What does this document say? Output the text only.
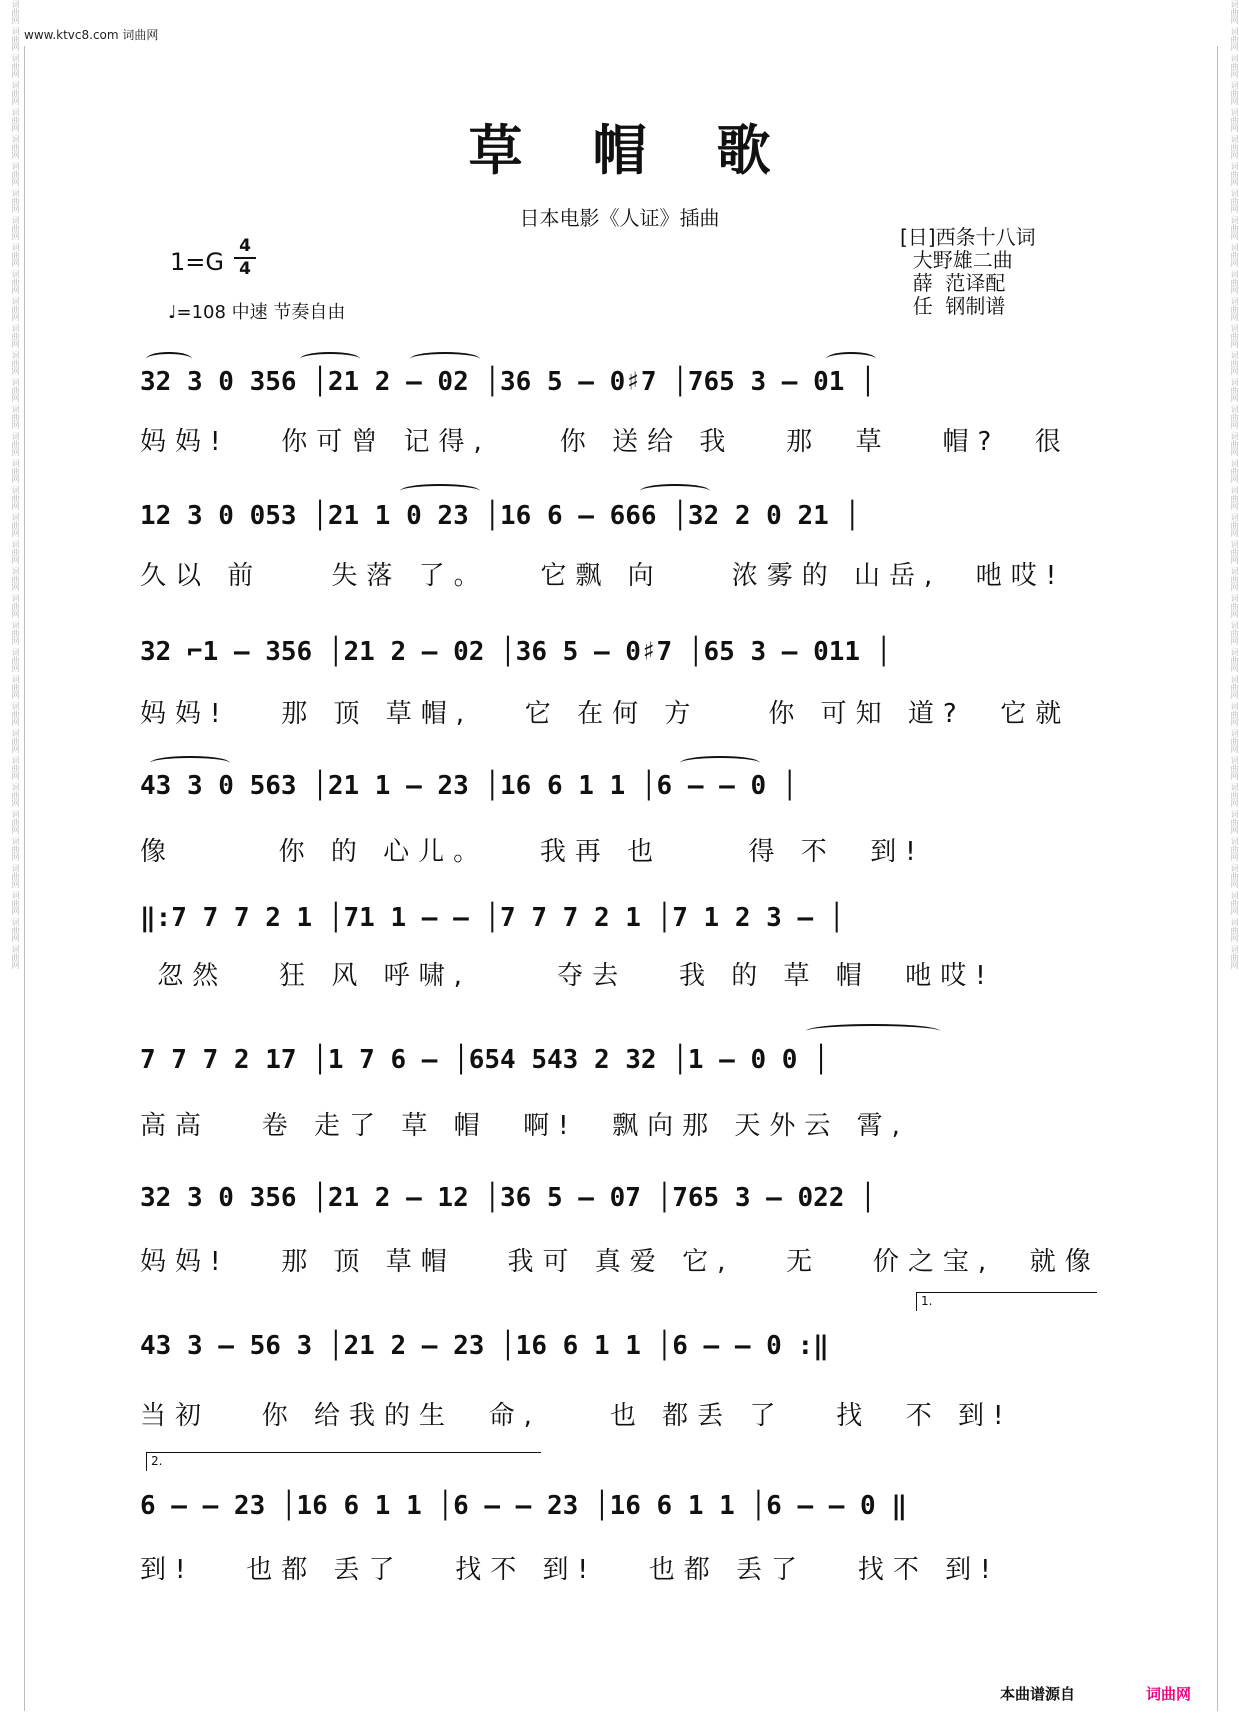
词曲网
词曲网
词曲网
词曲网
词曲网
词曲网
词曲网
词曲网
词曲网
词曲网
词曲网
词曲网
词曲网
词曲网
词曲网
词曲网
词曲网
词曲网
词曲网
词曲网
词曲网
词曲网
词曲网
词曲网
词曲网
词曲网
词曲网
词曲网
词曲网
词曲网
词曲网
词曲网
词曲网
词曲网
词曲网
词曲网
词曲网
词曲网
词曲网
词曲网
词曲网
词曲网
词曲网
词曲网
词曲网
词曲网
词曲网
词曲网
词曲网
词曲网
词曲网
词曲网
词曲网
词曲网
词曲网
词曲网
词曲网
词曲网
词曲网
词曲网
词曲网
词曲网
词曲网
词曲网
词曲网
词曲网
词曲网
词曲网
词曲网
词曲网
词曲网
词曲网
www.ktvc8.com 词曲网
草帽歌
日本电影《人证》插曲
[日]西条十八词
大野雄二曲
薛  范译配
任  钢制谱
1=G
4
4
♩=108 中速 节奏自由
32 3 0 356 │21 2 – 02 │36 5 – 0♯7 │765 3 – 01 │
妈妈!   你可曾 记得,    你 送给 我   那  草   帽?  很
12 3 0 053 │21 1 0 23 │16 6 – 666 │32 2 0 21 │
久以 前    失落 了。   它飘 向    浓雾的 山岳,  吔哎!
32 ⌐1 – 356 │21 2 – 02 │36 5 – 0♯7 │65 3 – 011 │
妈妈!   那 顶 草帽,   它 在何 方    你 可知 道?  它就
43 3 0 563 │21 1 – 23 │16 6 1 1 │6 – – 0 │
像      你 的 心儿。   我再 也     得 不  到!
‖:7 7 7 2 1 │71 1 – – │7 7 7 2 1 │7 1 2 3 – │
忽然   狂 风 呼啸,     夺去   我 的 草 帽  吔哎!
7 7 7 2 17 │1 7 6 – │654 543 2 32 │1 – 0 0 │
高高   卷 走了 草 帽  啊!  飘向那 天外云 霄,
32 3 0 356 │21 2 – 12 │36 5 – 07 │765 3 – 022 │
妈妈!   那 顶 草帽   我可 真爱 它,   无   价之宝,  就像
1.
43 3 – 56 3 │21 2 – 23 │16 6 1 1 │6 – – 0 :‖
当初   你 给我的生  命,    也 都丢 了   找  不 到!
2.
6 – – 23 │16 6 1 1 │6 – – 23 │16 6 1 1 │6 – – 0 ‖
到!   也都 丢了   找不 到!   也都 丢了   找不 到!
本曲谱源自	词曲网
